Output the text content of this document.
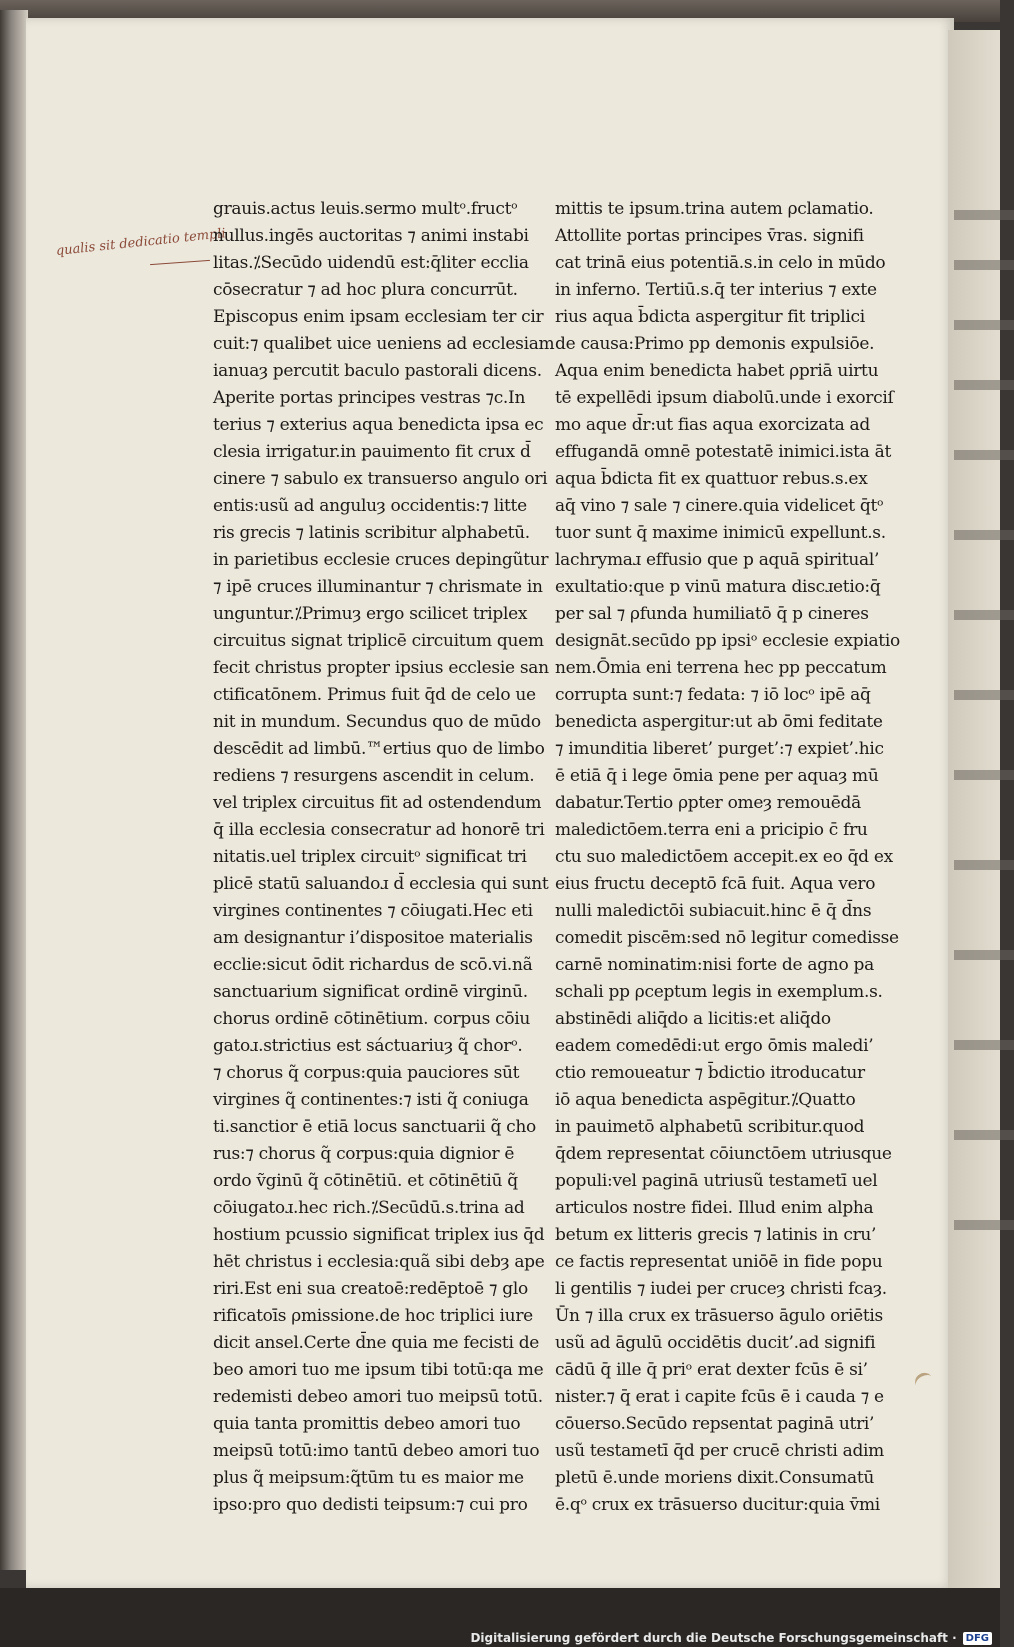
qualis sit dedicatio templi
grauis.actus leuis.sermo multᵒ.fructᵒ
nullus.ingēs auctoritas ⁊ animi instabi
litas.⁒Secūdo uidendū est:q̄liter ecclia
cōsecratur ⁊ ad hoc plura concurrūt.
Episcopus enim ipsam ecclesiam ter cir
cuit:⁊ qualibet uice ueniens ad ecclesiam
ianuaȝ percutit baculo pastorali dicens.
Aperite portas principes vestras ⁊c.In
terius ⁊ exterius aqua benedicta ipsa ec
clesia irrigatur.in pauimento fit crux d̄
cinere ⁊ sabulo ex transuerso angulo ori
entis:usũ ad anguluȝ occidentis:⁊ litte
ris grecis ⁊ latinis scribitur alphabetū.
in parietibus ecclesie cruces depingũtur
⁊ ipē cruces illuminantur ⁊ chrismate in
unguntur.⁒Primuȝ ergo scilicet triplex
circuitus signat triplicē circuitum quem
fecit christus propter ipsius ecclesie san
ctificatōnem. Primus fuit q̄d de celo ue
nit in mundum. Secundus quo de mūdo
descēdit ad limbū.™ertius quo de limbo
rediens ⁊ resurgens ascendit in celum.
vel triplex circuitus fit ad ostendendum
q̄ illa ecclesia consecratur ad honorē tri
nitatis.uel triplex circuitᵒ significat tri
plicē statū saluandoɹ d̄ ecclesia qui sunt
virgines continentes ⁊ cōiugati.Hec eti
am designantur i’dispositoe materialis
ecclie:sicut ōdit richardus de scō.vi.nã
sanctuarium significat ordinē virginū.
chorus ordinē cōtinētium. corpus cōiu
gatoɹ.strictius est sáctuariuȝ q̃ chorᵒ.
⁊ chorus q̃ corpus:quia pauciores sūt
virgines q̃ continentes:⁊ isti q̃ coniuga
ti.sanctior ē etiā locus sanctuarii q̃ cho
rus:⁊ chorus q̃ corpus:quia dignior ē
ordo ṽginū q̃ cōtinētiū. et cōtinētiū q̃
cōiugatoɹ.hec rich.⁒Secūdū.s.trina ad
hostium pcussio significat triplex ius q̄d
hēt christus i ecclesia:quã sibi debȝ ape
riri.Est eni sua creatoē:redēptoē ⁊ glo
rificatoīs ρmissione.de hoc triplici iure
dicit ansel.Certe d̄ne quia me fecisti de
beo amori tuo me ipsum tibi totū:qa me
redemisti debeo amori tuo meipsū totū.
quia tanta promittis debeo amori tuo
meipsū totū:imo tantū debeo amori tuo
plus q̃ meipsum:q̃tūm tu es maior me
ipso:pro quo dedisti teipsum:⁊ cui pro
mittis te ipsum.trina autem ρclamatio.
Attollite portas principes v̄ras. signifi
cat trinā eius potentiā.s.in celo in mūdo
in inferno. Tertiū.s.q̄ ter interius ⁊ exte
rius aqua b̄dicta aspergitur fit triplici
de causa:Primo pp demonis expulsiōe.
Aqua enim benedicta habet ρpriā uirtu
tē expellēdi ipsum diabolū.unde i exorciſ
mo aque d̄r:ut fias aqua exorcizata ad
effugandā omnē potestatē inimici.ista āt
aqua b̄dicta fit ex quattuor rebus.s.ex
aq̄ vino ⁊ sale ⁊ cinere.quia videlicet q̄tᵒ
tuor sunt q̄ maxime inimicū expellunt.s.
lachrymaɹ effusio que p aquā spiritual’
exultatio:que p vinū matura discɹetio:q̄
per sal ⁊ ρfunda humiliatō q̄ p cineres
designāt.secūdo pp ipsiᵒ ecclesie expiatio
nem.Ōmia eni terrena hec pp peccatum
corrupta sunt:⁊ fedata: ⁊ iō locᵒ ipē aq̄
benedicta aspergitur:ut ab ōmi feditate
⁊ imunditia liberet’ purget’:⁊ expiet’.hic
ē etiā q̄ i lege ōmia pene per aquaȝ mū
dabatur.Tertio ρpter omeȝ remouēdā
maledictōem.terra eni a pricipio c̄ fru
ctu suo maledictōem accepit.ex eo q̄d ex
eius fructu deceptō fcā fuit. Aqua vero
nulli maledictōi subiacuit.hinc ē q̄ d̄ns
comedit piscēm:sed nō legitur comedisse
carnē nominatim:nisi forte de agno pa
schali pp ρceptum legis in exemplum.s.
abstinēdi aliq̄do a licitis:et aliq̄do
eadem comedēdi:ut ergo ōmis maledi’
ctio remoueatur ⁊ b̄dictio itroducatur
iō aqua benedicta aspēgitur.⁒Quatto
in pauimetō alphabetū scribitur.quod
q̄dem representat cōiunctōem utriusque
populi:vel paginā utriusũ testametī uel
articulos nostre fidei. Illud enim alpha
betum ex litteris grecis ⁊ latinis in cru’
ce factis representat uniōē in fide popu
li gentilis ⁊ iudei per cruceȝ christi fcaȝ.
Ūn ⁊ illa crux ex trāsuerso āgulo oriētis
usũ ad āgulū occidētis ducit’.ad signifi
cādū q̄ ille q̄ priᵒ erat dexter fcūs ē si’
nister.⁊ q̄ erat i capite fcūs ē i cauda ⁊ e
cōuerso.Secūdo repsentat paginā utri’
usũ testametī q̄d per crucē christi adim
pletū ē.unde moriens dixit.Consumatū
ē.qᵒ crux ex trāsuerso ducitur:quia v̄mi
Digitalisierung gefördert durch die Deutsche Forschungsgemeinschaft · DFG
